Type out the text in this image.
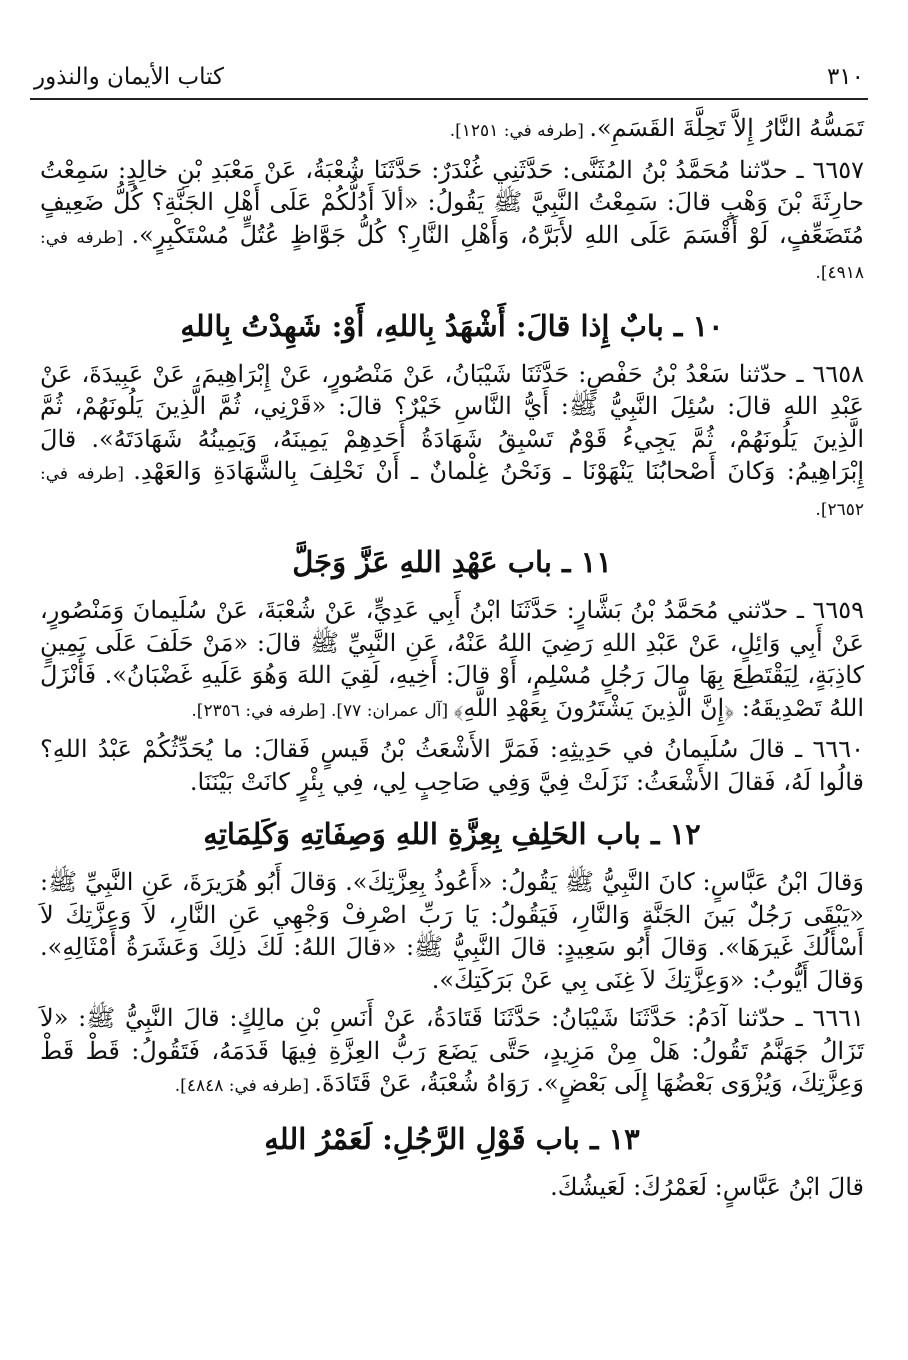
٣١٠
كتاب الأيمان والنذور

تَمَسُّهُ النَّارُ إِلاَّ تَحِلَّةَ القَسَمِ». [طرفه في: ١٢٥١].

٦٦٥٧ ـ حدّثنا مُحَمَّدُ بْنُ المُثَنَّى: حَدَّثَنِي غُنْدَرٌ: حَدَّثَنَا شُعْبَةُ، عَنْ مَعْبَدِ بْنِ خالِدٍ: سَمِعْتُ حارِثَةَ بْنَ وَهْبٍ قالَ: سَمِعْتُ النَّبِيَّ ﷺ يَقُولُ: «ألاَ أَدُلُّكُمْ عَلَى أَهْلِ الجَنَّةِ؟ كُلُّ ضَعِيفٍ مُتَضَعِّفٍ، لَوْ أَقْسَمَ عَلَى اللهِ لأَبَرَّهُ، وَأَهْلِ النَّارِ؟ كُلُّ جَوَّاظٍ عُتُلٍّ مُسْتَكْبِرٍ». [طرفه في: ٤٩١٨].

١٠ ـ بابٌ إِذا قالَ: أَشْهَدُ بِاللهِ، أَوْ: شَهِدْتُ بِاللهِ

٦٦٥٨ ـ حدّثنا سَعْدُ بْنُ حَفْصٍ: حَدَّثَنَا شَيْبَانُ، عَنْ مَنْصُورٍ، عَنْ إِبْرَاهِيمَ، عَنْ عَبِيدَةَ، عَنْ عَبْدِ اللهِ قالَ: سُئِلَ النَّبِيُّ ﷺ: أَيُّ النَّاسِ خَيْرٌ؟ قالَ: «قَرْنِي، ثُمَّ الَّذِينَ يَلُونَهُمْ، ثُمَّ الَّذِينَ يَلُونَهُمْ، ثُمَّ يَجِيءُ قَوْمٌ تَسْبِقُ شَهَادَةُ أَحَدِهِمْ يَمِينَهُ، وَيَمِينُهُ شَهَادَتَهُ». قالَ إِبْرَاهِيمُ: وَكانَ أَصْحابُنَا يَنْهَوْنَا ـ وَنَحْنُ غِلْمانٌ ـ أَنْ نَحْلِفَ بِالشَّهَادَةِ وَالعَهْدِ. [طرفه في: ٢٦٥٢].

١١ ـ باب عَهْدِ اللهِ عَزَّ وَجَلَّ

٦٦٥٩ ـ حدّثني مُحَمَّدُ بْنُ بَشَّارٍ: حَدَّثَنَا ابْنُ أَبِي عَدِيٍّ، عَنْ شُعْبَةَ، عَنْ سُلَيمانَ وَمَنْصُورٍ، عَنْ أَبِي وَائِلٍ، عَنْ عَبْدِ اللهِ رَضِيَ اللهُ عَنْهُ، عَنِ النَّبِيِّ ﷺ قالَ: «مَنْ حَلَفَ عَلَى يَمِينٍ كاذِبَةٍ، لِيَقْتَطِعَ بِهَا مالَ رَجُلٍ مُسْلِمٍ، أَوْ قالَ: أَخِيهِ، لَقِيَ اللهَ وَهُوَ عَلَيهِ غَضْبَانُ». فَأَنْزَلَ اللهُ تَصْدِيقَهُ: ﴿إِنَّ الَّذِينَ يَشْتَرُونَ بِعَهْدِ اللَّهِ﴾ [آل عمران: ٧٧]. [طرفه في: ٢٣٥٦].

٦٦٦٠ ـ قالَ سُلَيمانُ في حَدِيثِهِ: فَمَرَّ الأَشْعَثُ بْنُ قَيسٍ فَقالَ: ما يُحَدِّثُكُمْ عَبْدُ اللهِ؟ قالُوا لَهُ، فَقالَ الأَشْعَثُ: نَزَلَتْ فِيَّ وَفِي صَاحِبٍ لِي، فِي بِئْرٍ كانَتْ بَيْنَنَا.

١٢ ـ باب الحَلِفِ بِعِزَّةِ اللهِ وَصِفَاتِهِ وَكَلِمَاتِهِ

وَقالَ ابْنُ عَبَّاسٍ: كانَ النَّبِيُّ ﷺ يَقُولُ: «أَعُوذُ بِعِزَّتِكَ». وَقالَ أَبُو هُرَيرَةَ، عَنِ النَّبِيِّ ﷺ: «يَبْقَى رَجُلٌ بَينَ الجَنَّةِ وَالنَّارِ، فَيَقُولُ: يَا رَبِّ اصْرِفْ وَجْهِي عَنِ النَّارِ، لاَ وَعِزَّتِكَ لاَ أَسْأَلُكَ غَيرَهَا». وَقالَ أَبُو سَعِيدٍ: قالَ النَّبِيُّ ﷺ: «قالَ اللهُ: لَكَ ذلِكَ وَعَشَرَةُ أَمْثَالِهِ». وَقالَ أَيُّوبُ: «وَعِزَّتِكَ لاَ غِنَى بِي عَنْ بَرَكَتِكَ».

٦٦٦١ ـ حدّثنا آدَمُ: حَدَّثَنَا شَيْبَانُ: حَدَّثَنَا قَتَادَةُ، عَنْ أَنَسِ بْنِ مالِكٍ: قالَ النَّبِيُّ ﷺ: «لاَ تَزَالُ جَهَنَّمُ تَقُولُ: هَلْ مِنْ مَزِيدٍ، حَتَّى يَضَعَ رَبُّ العِزَّةِ فِيهَا قَدَمَهُ، فَتَقُولُ: قَطْ قَطْ وَعِزَّتِكَ، وَيُزْوَى بَعْضُهَا إِلَى بَعْضٍ». رَوَاهُ شُعْبَةُ، عَنْ قَتَادَةَ. [طرفه في: ٤٨٤٨].

١٣ ـ باب قَوْلِ الرَّجُلِ: لَعَمْرُ اللهِ

قالَ ابْنُ عَبَّاسٍ: لَعَمْرُكَ: لَعَيشُكَ.
